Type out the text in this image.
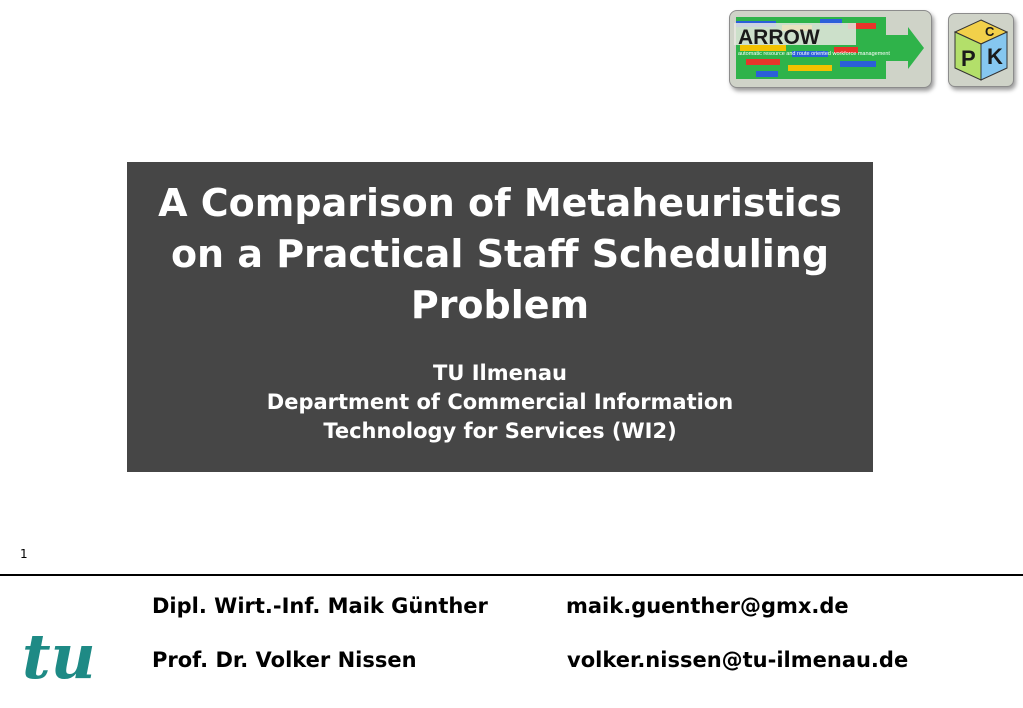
ARROW
automatic resource and route oriented workforce management
C
P K
A Comparison of Metaheuristics on a Practical Staff Scheduling Problem
TU Ilmenau
Department of Commercial Information
Technology for Services (WI2)
1
tu
Dipl. Wirt.-Inf. Maik Günther	maik.guenther@gmx.de
Prof. Dr. Volker Nissen	volker.nissen@tu-ilmenau.de
